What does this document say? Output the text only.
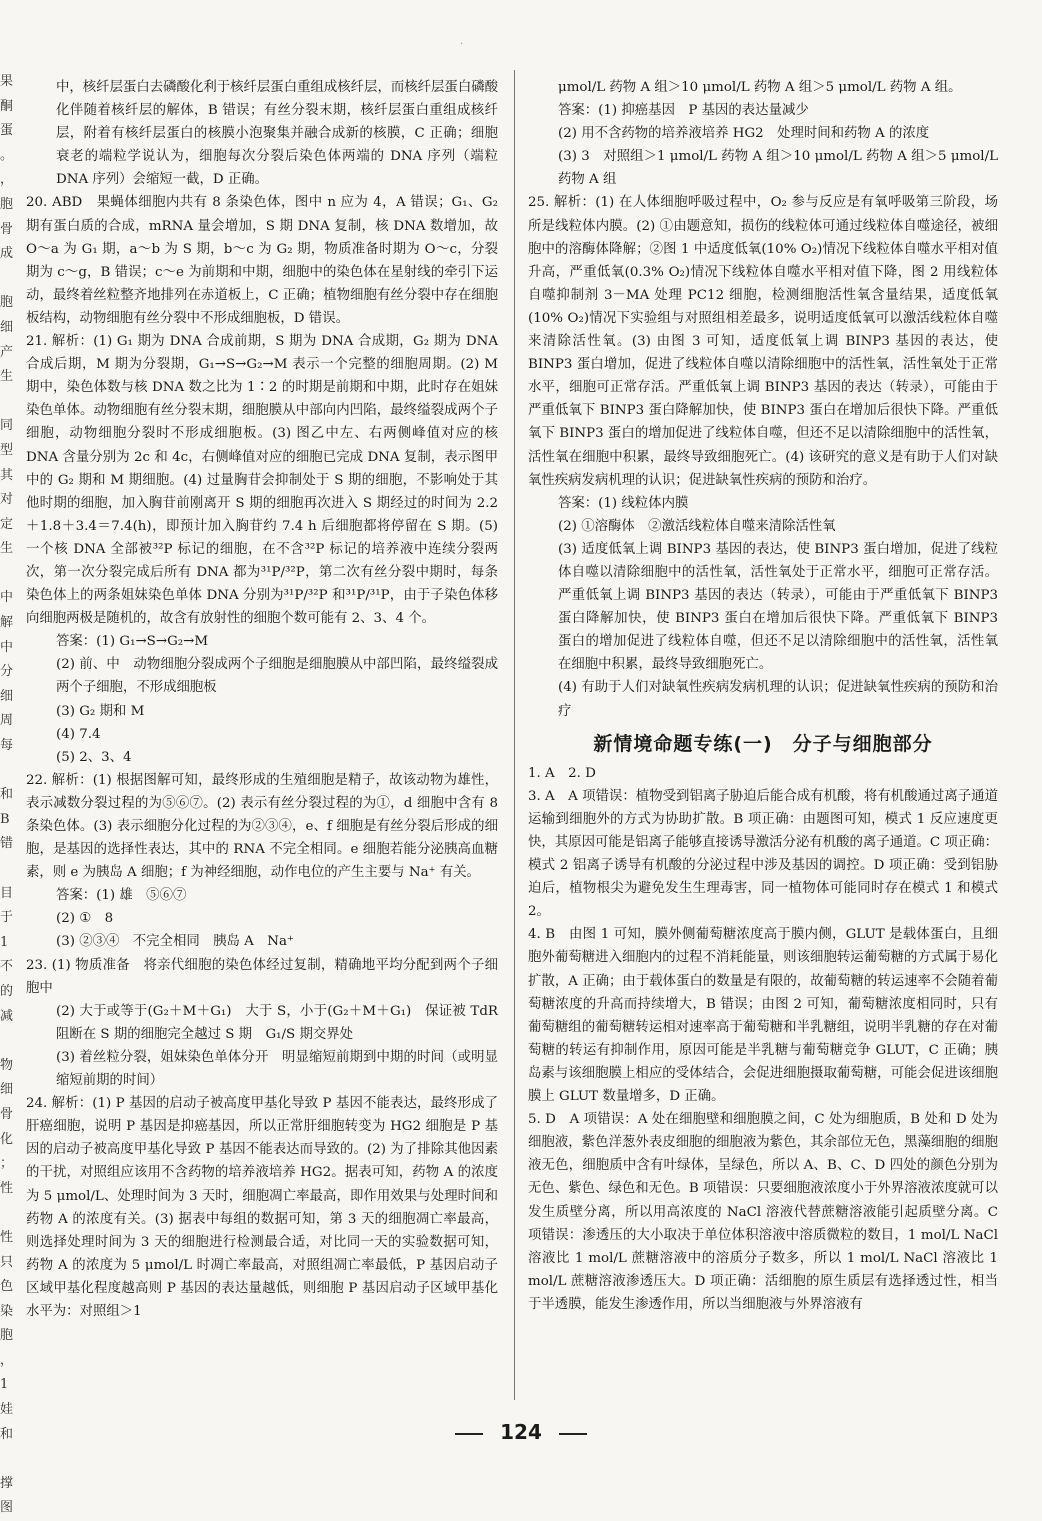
.
果
酮
蛋
。
，
胞
骨
成

胞
细
产
生

同
型
其
对
定
生

中
解
中
分
细
周
每

和
B
错

目
于
1
不
的
减

物
细
骨
化
；
性

性
只
色
染
胞
，
1
娃
和

撑
图

中，核纤层蛋白去磷酸化利于核纤层蛋白重组成核纤层，而核纤层蛋白磷酸化伴随着核纤层的解体，B 错误；有丝分裂末期，核纤层蛋白重组成核纤层，附着有核纤层蛋白的核膜小泡聚集并融合成新的核膜，C 正确；细胞衰老的端粒学说认为，细胞每次分裂后染色体两端的 DNA 序列（端粒 DNA 序列）会缩短一截，D 正确。

20. ABD　果蝇体细胞内共有 8 条染色体，图中 n 应为 4，A 错误；G₁、G₂ 期有蛋白质的合成，mRNA 量会增加，S 期 DNA 复制，核 DNA 数增加，故 O～a 为 G₁ 期，a～b 为 S 期，b～c 为 G₂ 期，物质准备时期为 O～c，分裂期为 c～g，B 错误；c～e 为前期和中期，细胞中的染色体在星射线的牵引下运动，最终着丝粒整齐地排列在赤道板上，C 正确；植物细胞有丝分裂中存在细胞板结构，动物细胞有丝分裂中不形成细胞板，D 错误。

21. 解析：(1) G₁ 期为 DNA 合成前期，S 期为 DNA 合成期，G₂ 期为 DNA 合成后期，M 期为分裂期，G₁→S→G₂→M 表示一个完整的细胞周期。(2) M 期中，染色体数与核 DNA 数之比为 1∶2 的时期是前期和中期，此时存在姐妹染色单体。动物细胞有丝分裂末期，细胞膜从中部向内凹陷，最终缢裂成两个子细胞，动物细胞分裂时不形成细胞板。(3) 图乙中左、右两侧峰值对应的核 DNA 含量分别为 2c 和 4c，右侧峰值对应的细胞已完成 DNA 复制，表示图甲中的 G₂ 期和 M 期细胞。(4) 过量胸苷会抑制处于 S 期的细胞，不影响处于其他时期的细胞，加入胸苷前刚离开 S 期的细胞再次进入 S 期经过的时间为 2.2＋1.8＋3.4＝7.4(h)，即预计加入胸苷约 7.4 h 后细胞都将停留在 S 期。(5) 一个核 DNA 全部被³²P 标记的细胞，在不含³²P 标记的培养液中连续分裂两次，第一次分裂完成后所有 DNA 都为³¹P/³²P，第二次有丝分裂中期时，每条染色体上的两条姐妹染色单体 DNA 分别为³¹P/³²P 和³¹P/³¹P，由于子染色体移向细胞两极是随机的，故含有放射性的细胞个数可能有 2、3、4 个。

答案：(1) G₁→S→G₂→M

(2) 前、中　动物细胞分裂成两个子细胞是细胞膜从中部凹陷，最终缢裂成两个子细胞，不形成细胞板

(3) G₂ 期和 M

(4) 7.4

(5) 2、3、4

22. 解析：(1) 根据图解可知，最终形成的生殖细胞是精子，故该动物为雄性，表示减数分裂过程的为⑤⑥⑦。(2) 表示有丝分裂过程的为①，d 细胞中含有 8 条染色体。(3) 表示细胞分化过程的为②③④，e、f 细胞是有丝分裂后形成的细胞，是基因的选择性表达，其中的 RNA 不完全相同。e 细胞若能分泌胰高血糖素，则 e 为胰岛 A 细胞；f 为神经细胞，动作电位的产生主要与 Na⁺ 有关。

答案：(1) 雄　⑤⑥⑦

(2) ①　8

(3) ②③④　不完全相同　胰岛 A　Na⁺

23. (1) 物质准备　将亲代细胞的染色体经过复制，精确地平均分配到两个子细胞中

(2) 大于或等于(G₂＋M＋G₁)　大于 S，小于(G₂＋M＋G₁)　保证被 TdR 阻断在 S 期的细胞完全越过 S 期　G₁/S 期交界处

(3) 着丝粒分裂，姐妹染色单体分开　明显缩短前期到中期的时间（或明显缩短前期的时间）

24. 解析：(1) P 基因的启动子被高度甲基化导致 P 基因不能表达，最终形成了肝癌细胞，说明 P 基因是抑癌基因，所以正常肝细胞转变为 HG2 细胞是 P 基因的启动子被高度甲基化导致 P 基因不能表达而导致的。(2) 为了排除其他因素的干扰，对照组应该用不含药物的培养液培养 HG2。据表可知，药物 A 的浓度为 5 μmol/L、处理时间为 3 天时，细胞凋亡率最高，即作用效果与处理时间和药物 A 的浓度有关。(3) 据表中每组的数据可知，第 3 天的细胞凋亡率最高，则选择处理时间为 3 天的细胞进行检测最合适，对比同一天的实验数据可知，药物 A 的浓度为 5 μmol/L 时凋亡率最高，对照组凋亡率最低，P 基因启动子区域甲基化程度越高则 P 基因的表达量越低，则细胞 P 基因启动子区域甲基化水平为：对照组＞1

μmol/L 药物 A 组＞10 μmol/L 药物 A 组＞5 μmol/L 药物 A 组。

答案：(1) 抑癌基因　P 基因的表达量减少

(2) 用不含药物的培养液培养 HG2　处理时间和药物 A 的浓度

(3) 3　对照组＞1 μmol/L 药物 A 组＞10 μmol/L 药物 A 组＞5 μmol/L 药物 A 组

25. 解析：(1) 在人体细胞呼吸过程中，O₂ 参与反应是有氧呼吸第三阶段，场所是线粒体内膜。(2) ①由题意知，损伤的线粒体可通过线粒体自噬途径，被细胞中的溶酶体降解；②图 1 中适度低氧(10% O₂)情况下线粒体自噬水平相对值升高，严重低氧(0.3% O₂)情况下线粒体自噬水平相对值下降，图 2 用线粒体自噬抑制剂 3－MA 处理 PC12 细胞，检测细胞活性氧含量结果，适度低氧(10% O₂)情况下实验组与对照组相差最多，说明适度低氧可以激活线粒体自噬来清除活性氧。(3) 由图 3 可知，适度低氧上调 BINP3 基因的表达，使 BINP3 蛋白增加，促进了线粒体自噬以清除细胞中的活性氧，活性氧处于正常水平，细胞可正常存活。严重低氧上调 BINP3 基因的表达（转录），可能由于严重低氧下 BINP3 蛋白降解加快，使 BINP3 蛋白在增加后很快下降。严重低氧下 BINP3 蛋白的增加促进了线粒体自噬，但还不足以清除细胞中的活性氧，活性氧在细胞中积累，最终导致细胞死亡。(4) 该研究的意义是有助于人们对缺氧性疾病发病机理的认识；促进缺氧性疾病的预防和治疗。

答案：(1) 线粒体内膜

(2) ①溶酶体　②激活线粒体自噬来清除活性氧

(3) 适度低氧上调 BINP3 基因的表达，使 BINP3 蛋白增加，促进了线粒体自噬以清除细胞中的活性氧，活性氧处于正常水平，细胞可正常存活。严重低氧上调 BINP3 基因的表达（转录），可能由于严重低氧下 BINP3 蛋白降解加快，使 BINP3 蛋白在增加后很快下降。严重低氧下 BINP3 蛋白的增加促进了线粒体自噬，但还不足以清除细胞中的活性氧，活性氧在细胞中积累，最终导致细胞死亡。

(4) 有助于人们对缺氧性疾病发病机理的认识；促进缺氧性疾病的预防和治疗

新情境命题专练(一)　分子与细胞部分

1. A　2. D

3. A　A 项错误：植物受到铝离子胁迫后能合成有机酸，将有机酸通过离子通道运输到细胞外的方式为协助扩散。B 项正确：由题图可知，模式 1 反应速度更快，其原因可能是铝离子能够直接诱导激活分泌有机酸的离子通道。C 项正确：模式 2 铝离子诱导有机酸的分泌过程中涉及基因的调控。D 项正确：受到铝胁迫后，植物根尖为避免发生生理毒害，同一植物体可能同时存在模式 1 和模式 2。

4. B　由图 1 可知，膜外侧葡萄糖浓度高于膜内侧，GLUT 是载体蛋白，且细胞外葡萄糖进入细胞内的过程不消耗能量，则该细胞转运葡萄糖的方式属于易化扩散，A 正确；由于载体蛋白的数量是有限的，故葡萄糖的转运速率不会随着葡萄糖浓度的升高而持续增大，B 错误；由图 2 可知，葡萄糖浓度相同时，只有葡萄糖组的葡萄糖转运相对速率高于葡萄糖和半乳糖组，说明半乳糖的存在对葡萄糖的转运有抑制作用，原因可能是半乳糖与葡萄糖竞争 GLUT，C 正确；胰岛素与该细胞膜上相应的受体结合，会促进细胞摄取葡萄糖，可能会促进该细胞膜上 GLUT 数量增多，D 正确。

5. D　A 项错误：A 处在细胞壁和细胞膜之间，C 处为细胞质，B 处和 D 处为细胞液，紫色洋葱外表皮细胞的细胞液为紫色，其余部位无色，黑藻细胞的细胞液无色，细胞质中含有叶绿体，呈绿色，所以 A、B、C、D 四处的颜色分别为无色、紫色、绿色和无色。B 项错误：只要细胞液浓度小于外界溶液浓度就可以发生质壁分离，所以用高浓度的 NaCl 溶液代替蔗糖溶液能引起质壁分离。C 项错误：渗透压的大小取决于单位体积溶液中溶质微粒的数目，1 mol/L NaCl 溶液比 1 mol/L 蔗糖溶液中的溶质分子数多，所以 1 mol/L NaCl 溶液比 1 mol/L 蔗糖溶液渗透压大。D 项正确：活细胞的原生质层有选择透过性，相当于半透膜，能发生渗透作用，所以当细胞液与外界溶液有

124
